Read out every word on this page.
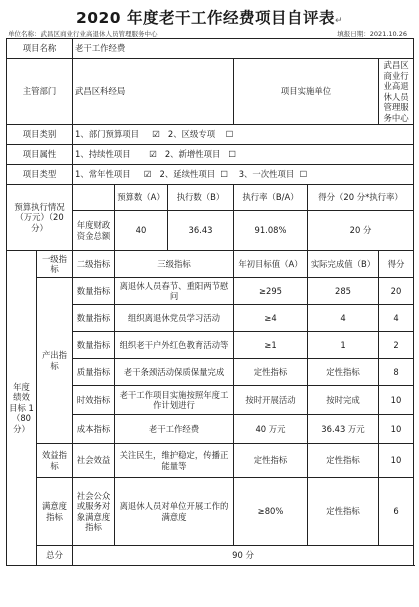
2020 年度老干工作经费项目自评表↵
单位名称：武昌区商业行业高退休人员管理服务中心	填报日期：2021.10.26
项目名称		老干工作经费					
主管部门		武昌区科经局			项目实施单位		武昌区商业行业高退休人员管理服务中心
项目类别		1、部门预算项目 ☑ 2、区级专项 ☐					
项目属性		1、持续性项目 ☑ 2、新增性项目 ☐					
项目类型		1、常年性项目 ☑ 2、延续性项目 ☐ 3、一次性项目 ☐					
预算执行情况（万元）（20 分）			预算数（A）	执行数（B）	执行率（B/A）	得分（20 分*执行率）	
		年度财政资金总额	40	36.43	91.08%	20 分	
年度绩效目标 1（80分）	一级指标	二级指标	三级指标		年初目标值（A）	实际完成值（B）	得分
	产出指标	数量指标	离退休人员春节、重阳两节慰问		≥295	285	20
		数量指标	组织离退休党员学习活动		≥4	4	4
		数量指标	组织老干户外红色教育活动等		≥1	1	2
		质量指标	老干条颈活动保质保量完成		定性指标	定性指标	8
		时效指标	老干工作项目实施按照年度工作计划进行		按时开展活动	按时完成	10
		成本指标	老干工作经费		40 万元	36.43 万元	10
	效益指标	社会效益	关注民生，维护稳定，传播正能量等		定性指标	定性指标	10
	满意度指标	社会公众或服务对象满意度指标	离退休人员对单位开展工作的满意度		≥80%	定性指标	6
	总分	90 分					
